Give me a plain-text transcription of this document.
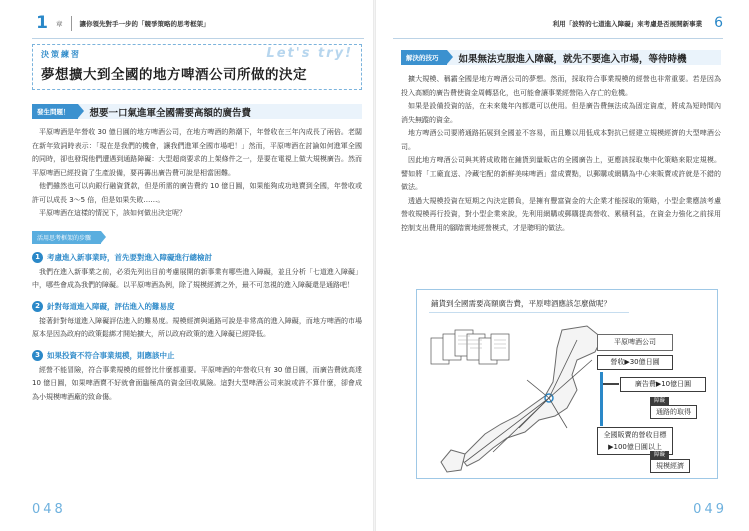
1	章	讓你領先對手一步的「競爭策略的思考框架」
決策練習	Let's try!
夢想擴大到全國的地方啤酒公司所做的決定
發生問題！	想要一口氣進軍全國需要高額的廣告費

平原啤酒是年營收 30 億日圓的地方啤酒公司，在地方啤酒的熱潮下，年營收在三年內成長了兩倍。老闆在新年致詞時表示：「現在是我們的機會，讓我們進軍全國市場吧！」然而，平原啤酒在討論如何進軍全國的同時，卻也發現他們遭遇到通路障礙：大型超商要求的上架條件之一，是要在電視上做大規模廣告。然而平原啤酒已經投資了生產設備，要再籌出廣告費可說是相當困難。

他們雖然也可以向銀行融資貸款，但是所需的廣告費約 10 億日圓，如果能夠成功地賣到全國，年營收或許可以成長 3～5 倍，但是如果失敗……。

平原啤酒在這樣的情況下，該如何做出決定呢？

活用思考框架的步驟
1 考慮進入新事業時，首先要對進入障礙進行總檢討

我們在進入新事業之前，必須先列出目前考慮展開的新事業有哪些進入障礙，並且分析「七道進入障礙」中，哪些會成為我們的障礙。以平原啤酒為例，除了規模經濟之外，最不可忽視的進入障礙還是通路吧！

2 針對每道進入障礙，評估進入的難易度

接著針對每道進入障礙評估進入的難易度。規模經濟與通路可說是非常高的進入障礙，而地方啤酒的市場原本是因為政府的政策鬆綁才開始擴大，所以政府政策的進入障礙已經降低。

3 如果投資不符合事業規模，則應該中止

經營不能冒險，符合事業規模的經營比什麼都重要。平原啤酒的年營收只有 30 億日圓，而廣告費就高達 10 億日圓，如果啤酒賣不好就會面臨極高的資金回收風險。這對大型啤酒公司來說或許不算什麼，卻會成為小規模啤酒廠的致命傷。

048
利用「波特的七道進入障礙」來考慮是否展開新事業 6
解決的技巧	如果無法克服進入障礙，就先不要進入市場，等待時機

擴大規模、稱霸全國是地方啤酒公司的夢想。然而，採取符合事業規模的經營也非常重要。若是因為投入高額的廣告費使資金周轉惡化，也可能會讓事業經營陷入存亡的危機。

如果是設備投資的話，在未來幾年內都還可以使用。但是廣告費無法成為固定資產，將成為短時間內消失無蹤的資金。

地方啤酒公司要將通路拓展到全國並不容易，而且難以用低成本對抗已經建立規模經濟的大型啤酒公司。

因此地方啤酒公司與其將成敗賭在鋪貨到量販店的全國廣告上，更應該採取集中化策略來限定規模。譬如將「工廠直送、冷藏宅配的新鮮美味啤酒」當成賣點，以郵購或網購為中心來販賣或許就是不錯的做法。

透過大規模投資在短期之內決定勝負，是擁有豐富資金的大企業才能採取的策略，小型企業應該考慮營收規模再行投資，對小型企業來說，先利用網購或郵購提高營收、累積利益，在資金力強化之前採用控制支出費用的腳踏實地經營模式，才是聰明的做法。

鋪貨到全國需要高額廣告費，平原啤酒應該怎麼做呢？
平原啤酒公司
營收▶30億日圓
廣告費▶10億日圓
障礙
通路的取得
全國販賣的營收目標
▶100億日圓以上
障礙
規模經濟
049
